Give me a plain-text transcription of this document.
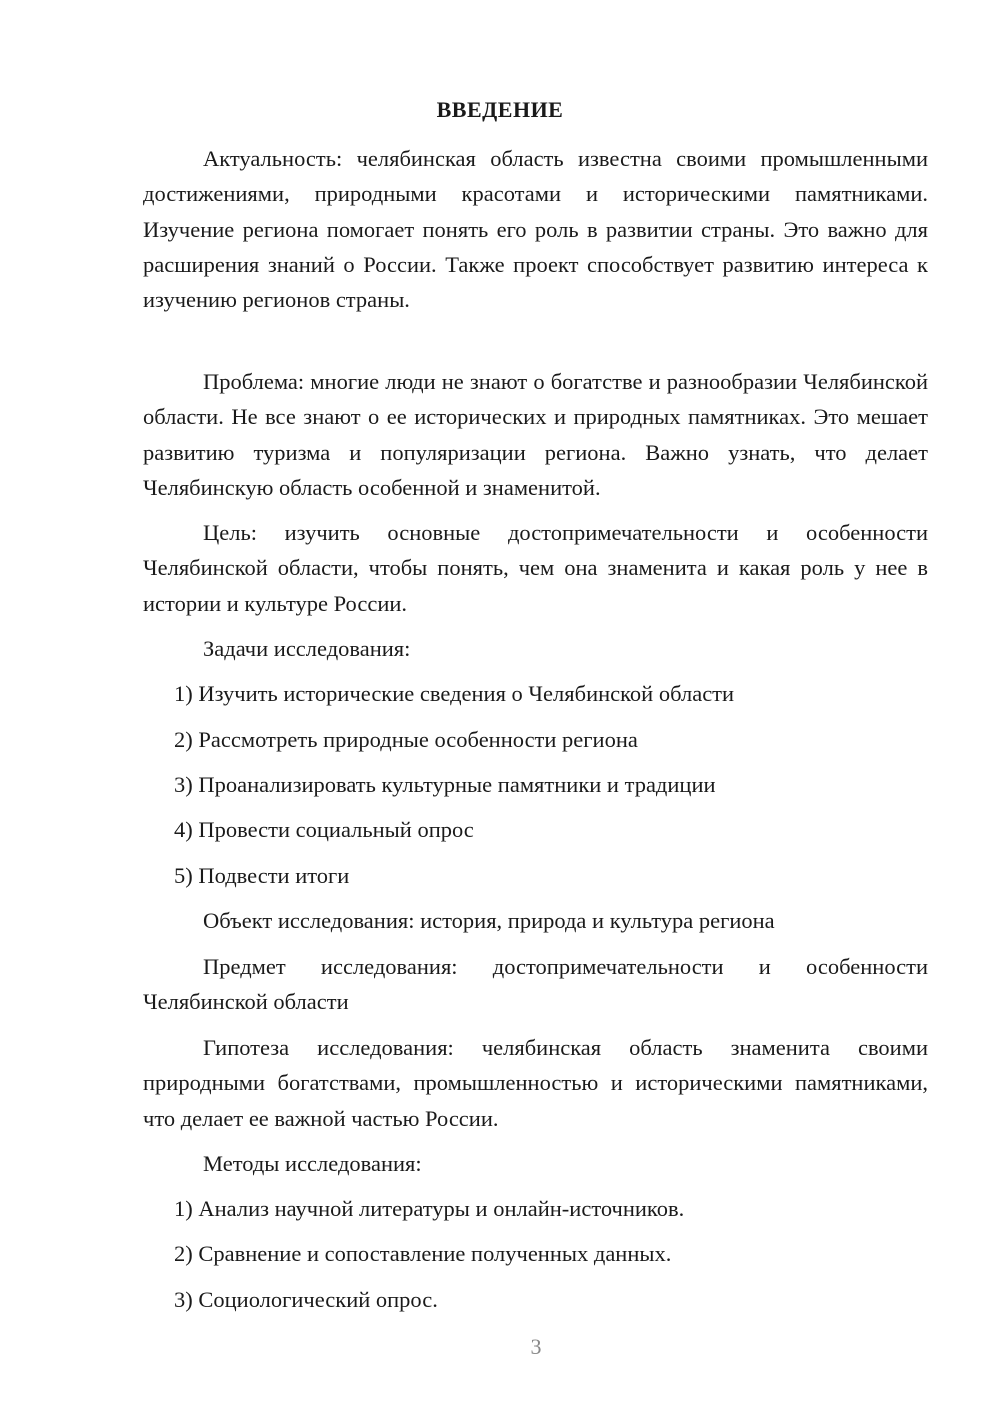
ВВЕДЕНИЕ
Актуальность: челябинская область известна своими промышленными достижениями, природными красотами и историческими памятниками. Изучение региона помогает понять его роль в развитии страны. Это важно для расширения знаний о России. Также проект способствует развитию интереса к изучению регионов страны.
Проблема: многие люди не знают о богатстве и разнообразии Челябинской области. Не все знают о ее исторических и природных памятниках. Это мешает развитию туризма и популяризации региона. Важно узнать, что делает Челябинскую область особенной и знаменитой.
Цель: изучить основные достопримечательности и особенности Челябинской области, чтобы понять, чем она знаменита и какая роль у нее в истории и культуре России.
Задачи исследования:
1) Изучить исторические сведения о Челябинской области
2) Рассмотреть природные особенности региона
3) Проанализировать культурные памятники и традиции
4) Провести социальный опрос
5) Подвести итоги
Объект исследования: история, природа и культура региона
Предмет исследования: достопримечательности и особенности Челябинской области
Гипотеза исследования: челябинская область знаменита своими природными богатствами, промышленностью и историческими памятниками, что делает ее важной частью России.
Методы исследования:
1) Анализ научной литературы и онлайн-источников.
2) Сравнение и сопоставление полученных данных.
3) Социологический опрос.
3
